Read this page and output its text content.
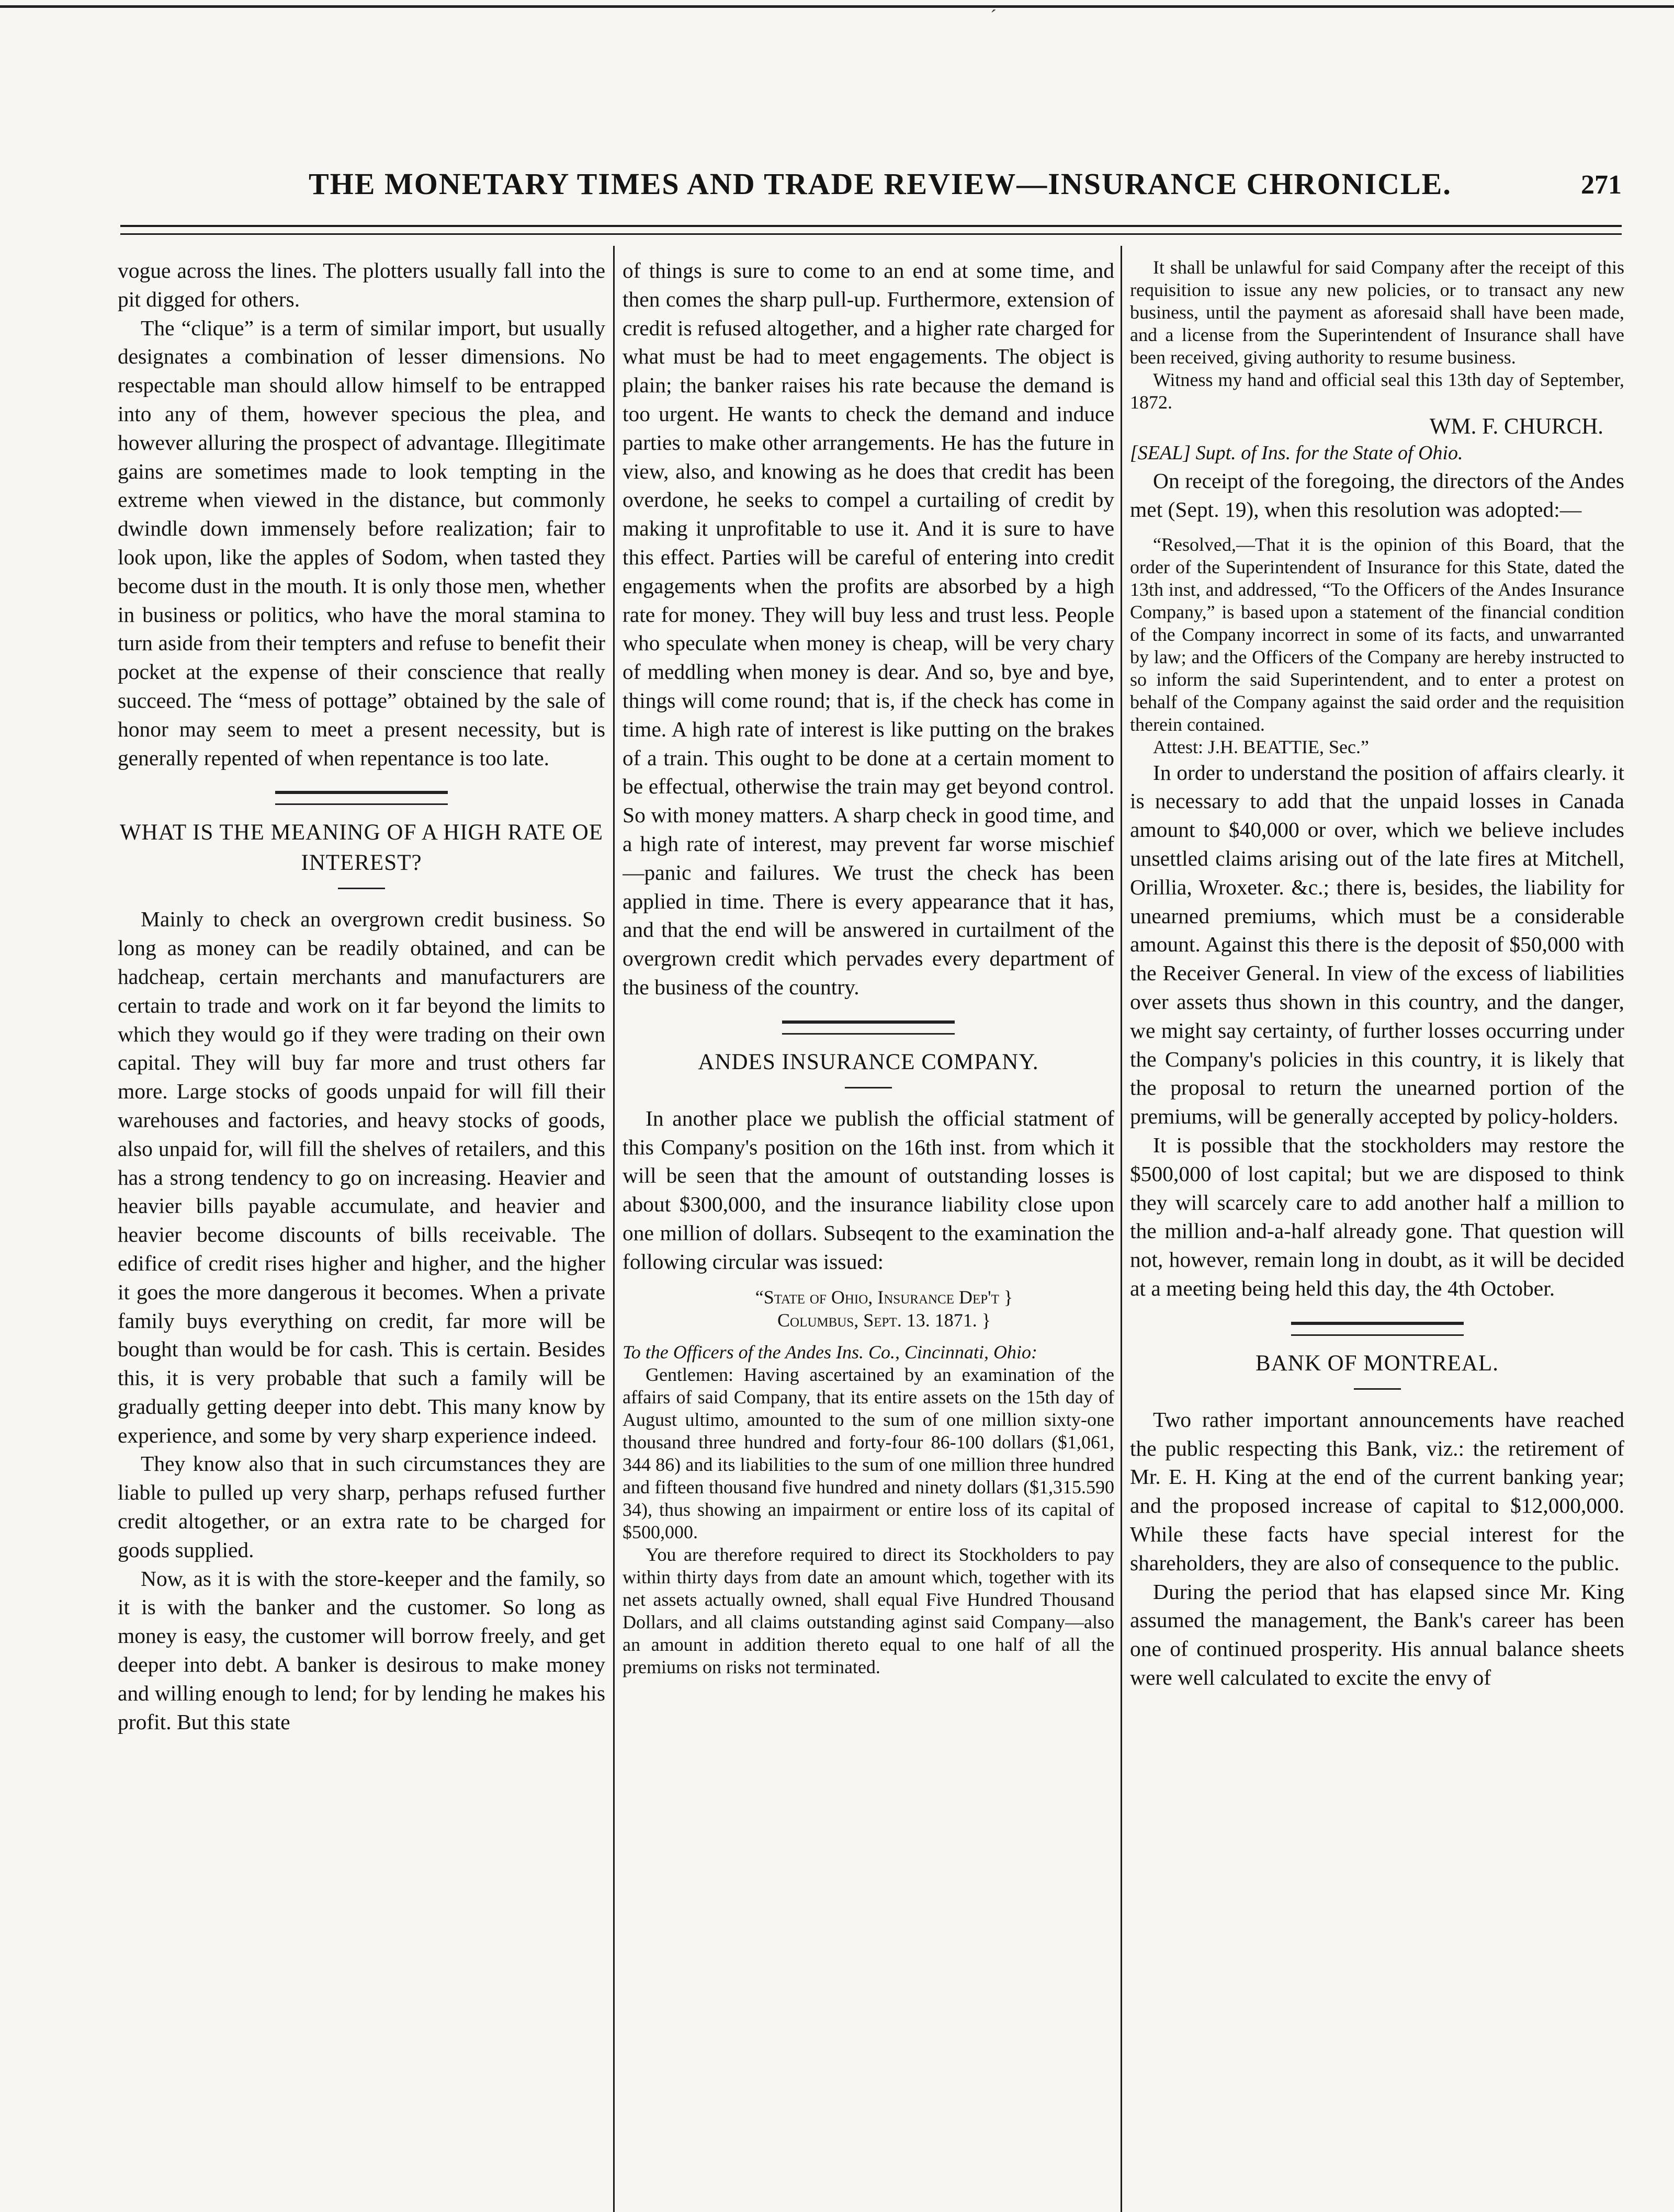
ˊ
THE MONETARY TIMES AND TRADE REVIEW—INSURANCE CHRONICLE.	271

vogue across the lines. The plotters usually fall into the pit digged for others.

The “clique” is a term of similar import, but usually designates a combination of lesser dimensions. No respectable man should allow himself to be entrapped into any of them, however specious the plea, and however alluring the prospect of advantage. Illegitimate gains are sometimes made to look tempting in the extreme when viewed in the distance, but commonly dwindle down immensely before realization; fair to look upon, like the apples of Sodom, when tasted they become dust in the mouth. It is only those men, whether in business or politics, who have the moral stamina to turn aside from their tempters and refuse to benefit their pocket at the expense of their conscience that really succeed. The “mess of pottage” obtained by the sale of honor may seem to meet a present necessity, but is generally repented of when repentance is too late.

WHAT IS THE MEANING OF A HIGH RATE OE INTEREST?

Mainly to check an overgrown credit business. So long as money can be readily obtained, and can be hadcheap, certain merchants and manufacturers are certain to trade and work on it far beyond the limits to which they would go if they were trading on their own capital. They will buy far more and trust others far more. Large stocks of goods unpaid for will fill their warehouses and factories, and heavy stocks of goods, also unpaid for, will fill the shelves of retailers, and this has a strong tendency to go on increasing. Heavier and heavier bills payable accumulate, and heavier and heavier become discounts of bills receivable. The edifice of credit rises higher and higher, and the higher it goes the more dangerous it becomes. When a private family buys everything on credit, far more will be bought than would be for cash. This is certain. Besides this, it is very probable that such a family will be gradually getting deeper into debt. This many know by experience, and some by very sharp experience indeed.

They know also that in such circumstances they are liable to pulled up very sharp, perhaps refused further credit altogether, or an extra rate to be charged for goods supplied.

Now, as it is with the store-keeper and the family, so it is with the banker and the customer. So long as money is easy, the customer will borrow freely, and get deeper into debt. A banker is desirous to make money and willing enough to lend; for by lending he makes his profit. But this state

of things is sure to come to an end at some time, and then comes the sharp pull-up. Furthermore, extension of credit is refused altogether, and a higher rate charged for what must be had to meet engagements. The object is plain; the banker raises his rate because the demand is too urgent. He wants to check the demand and induce parties to make other arrangements. He has the future in view, also, and knowing as he does that credit has been overdone, he seeks to compel a curtailing of credit by making it unprofitable to use it. And it is sure to have this effect. Parties will be careful of entering into credit engagements when the profits are absorbed by a high rate for money. They will buy less and trust less. People who speculate when money is cheap, will be very chary of meddling when money is dear. And so, bye and bye, things will come round; that is, if the check has come in time. A high rate of interest is like putting on the brakes of a train. This ought to be done at a certain moment to be effectual, otherwise the train may get beyond control. So with money matters. A sharp check in good time, and a high rate of interest, may prevent far worse mischief—panic and failures. We trust the check has been applied in time. There is every appearance that it has, and that the end will be answered in curtailment of the overgrown credit which pervades every department of the business of the country.

ANDES INSURANCE COMPANY.

In another place we publish the official statment of this Company's position on the 16th inst. from which it will be seen that the amount of outstanding losses is about $300,000, and the insurance liability close upon one million of dollars. Subseqent to the examination the following circular was issued:

“State of Ohio, Insurance Dep't }
Columbus, Sept. 13. 1871. }

To the Officers of the Andes Ins. Co., Cincinnati, Ohio:

Gentlemen: Having ascertained by an examination of the affairs of said Company, that its entire assets on the 15th day of August ultimo, amounted to the sum of one million sixty-one thousand three hundred and forty-four 86-100 dollars ($1,061, 344 86) and its liabilities to the sum of one million three hundred and fifteen thousand five hundred and ninety dollars ($1,315.590 34), thus showing an impairment or entire loss of its capital of $500,000.

You are therefore required to direct its Stockholders to pay within thirty days from date an amount which, together with its net assets actually owned, shall equal Five Hundred Thousand Dollars, and all claims outstanding aginst said Company—also an amount in addition thereto equal to one half of all the premiums on risks not terminated.

It shall be unlawful for said Company after the receipt of this requisition to issue any new policies, or to transact any new business, until the payment as aforesaid shall have been made, and a license from the Superintendent of Insurance shall have been received, giving authority to resume business.

Witness my hand and official seal this 13th day of September, 1872.

WM. F. CHURCH.
[SEAL] Supt. of Ins. for the State of Ohio.

On receipt of the foregoing, the directors of the Andes met (Sept. 19), when this resolution was adopted:—

“Resolved,—That it is the opinion of this Board, that the order of the Superintendent of Insurance for this State, dated the 13th inst, and addressed, “To the Officers of the Andes Insurance Company,” is based upon a statement of the financial condition of the Company incorrect in some of its facts, and unwarranted by law; and the Officers of the Company are hereby instructed to so inform the said Superintendent, and to enter a protest on behalf of the Company against the said order and the requisition therein contained.

Attest: J.H. BEATTIE, Sec.”

In order to understand the position of affairs clearly. it is necessary to add that the unpaid losses in Canada amount to $40,000 or over, which we believe includes unsettled claims arising out of the late fires at Mitchell, Orillia, Wroxeter. &c.; there is, besides, the liability for unearned premiums, which must be a considerable amount. Against this there is the deposit of $50,000 with the Receiver General. In view of the excess of liabilities over assets thus shown in this country, and the danger, we might say certainty, of further losses occurring under the Company's policies in this country, it is likely that the proposal to return the unearned portion of the premiums, will be generally accepted by policy-holders.

It is possible that the stockholders may restore the $500,000 of lost capital; but we are disposed to think they will scarcely care to add another half a million to the million and-a-half already gone. That question will not, however, remain long in doubt, as it will be decided at a meeting being held this day, the 4th October.

BANK OF MONTREAL.

Two rather important announcements have reached the public respecting this Bank, viz.: the retirement of Mr. E. H. King at the end of the current banking year; and the proposed increase of capital to $12,000,000. While these facts have special interest for the shareholders, they are also of consequence to the public.

During the period that has elapsed since Mr. King assumed the management, the Bank's career has been one of continued prosperity. His annual balance sheets were well calculated to excite the envy of
